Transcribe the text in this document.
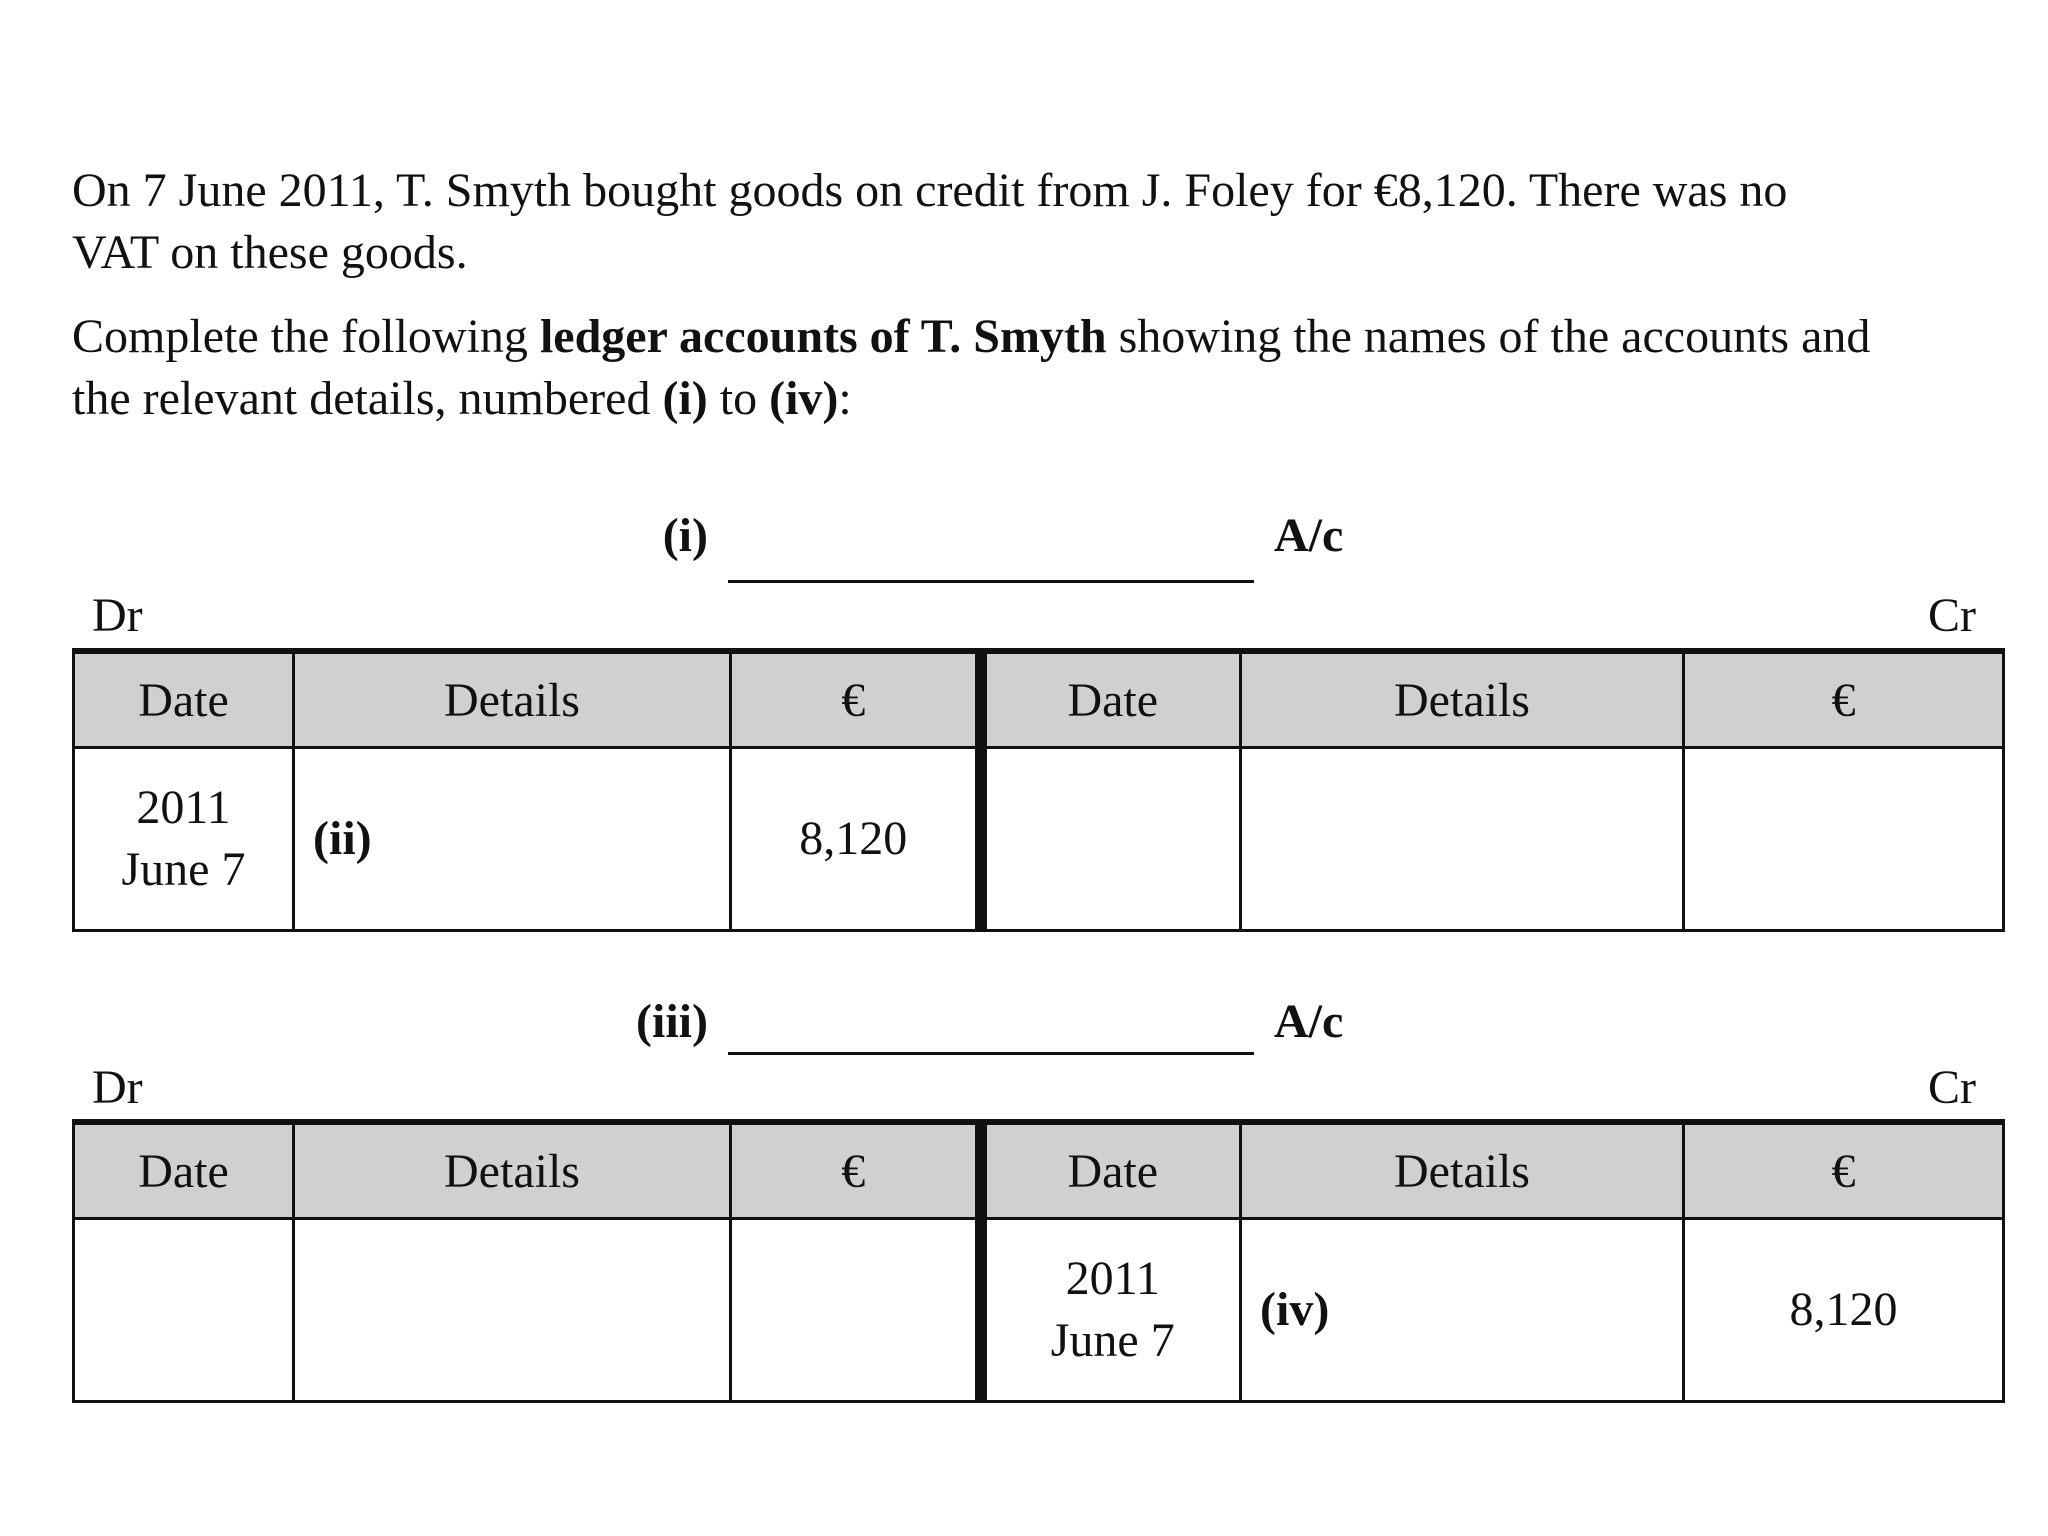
On 7 June 2011, T. Smyth bought goods on credit from J. Foley for €8,120. There was no
VAT on these goods.

Complete the following ledger accounts of T. Smyth showing the names of the accounts and
the relevant details, numbered (i) to (iv):

(i)	A/c
Dr	Cr
Date	Details	€	Date	Details	€
2011
June 7	(ii)	8,120	

(iii)	A/c
Dr	Cr
Date	Details	€	Date	Details	€

			2011
June 7	(iv)	8,120
